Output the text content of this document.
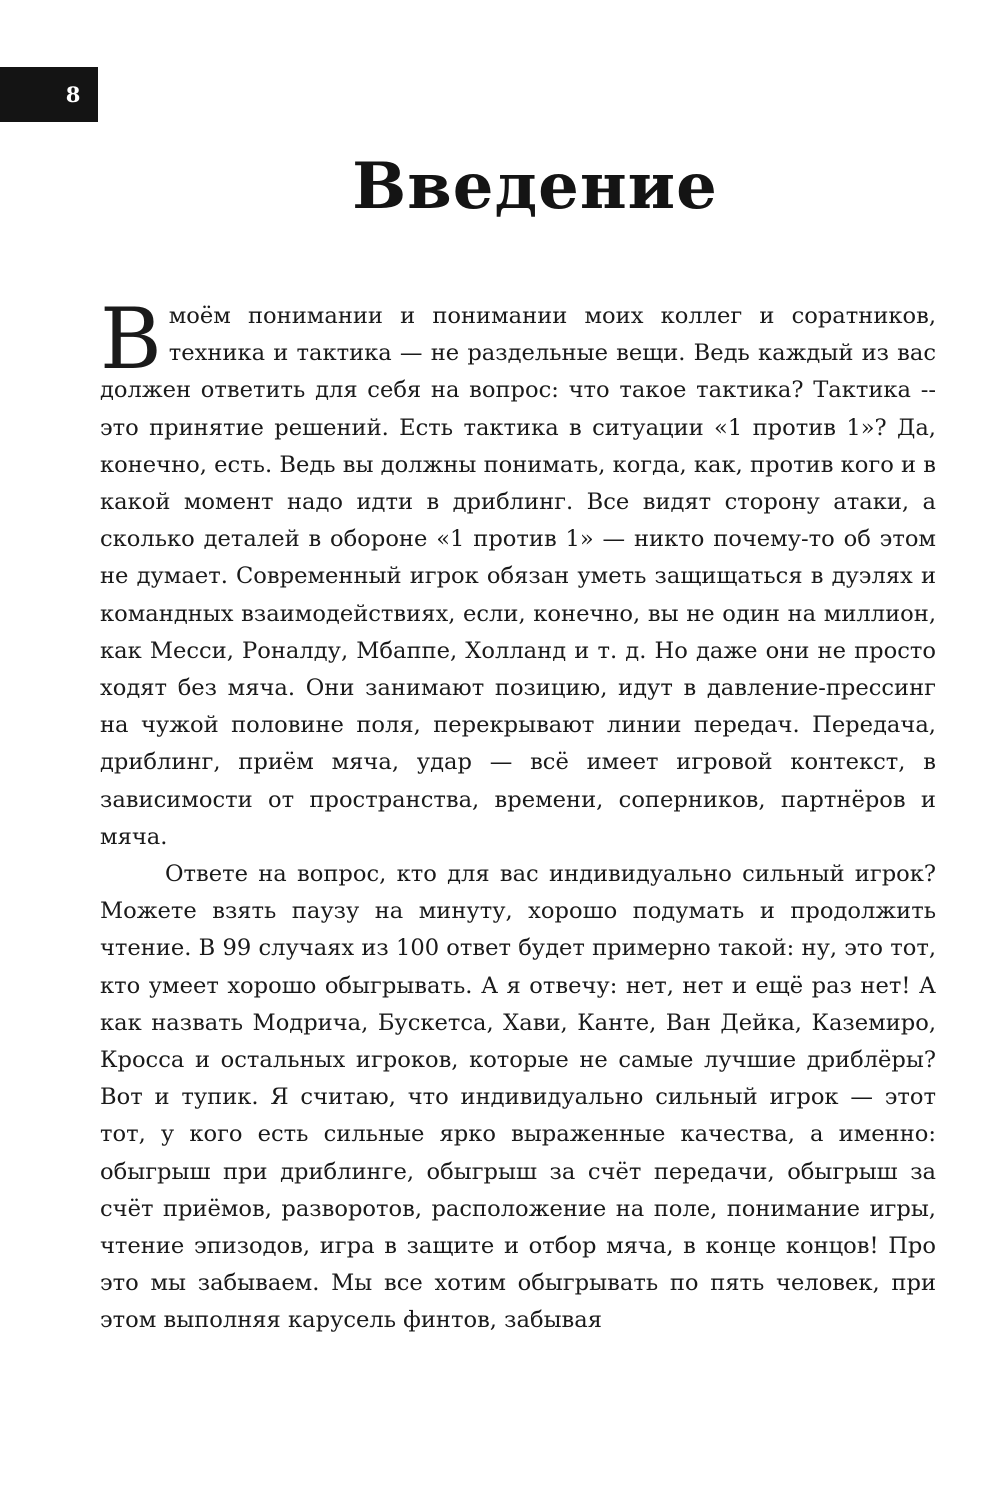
8
Введение

Вмоём понимании и понимании моих коллег и соратников, техника и тактика — не раздельные вещи. Ведь каждый из вас должен ответить для себя на вопрос: что такое тактика? Тактика -- это принятие решений. Есть тактика в ситуации «1 против 1»? Да, конечно, есть. Ведь вы должны понимать, когда, как, против кого и в какой момент надо идти в дриблинг. Все видят сторону атаки, а сколько деталей в обороне «1 против 1» — никто почему-то об этом не думает. Современный игрок обязан уметь защищаться в дуэлях и командных взаимодействиях, если, конечно, вы не один на миллион, как Месси, Роналду, Мбаппе, Холланд и т. д. Но даже они не просто ходят без мяча. Они занимают позицию, идут в давление-прессинг на чужой половине поля, перекрывают линии передач. Передача, дриблинг, приём мяча, удар — всё имеет игровой контекст, в зависимости от пространства, времени, соперников, партнёров и мяча.

Ответе на вопрос, кто для вас индивидуально сильный игрок? Можете взять паузу на минуту, хорошо подумать и продолжить чтение. В 99 случаях из 100 ответ будет примерно такой: ну, это тот, кто умеет хорошо обыгрывать. А я отвечу: нет, нет и ещё раз нет! А как назвать Модрича, Бускетса, Хави, Канте, Ван Дейка, Каземиро, Кросса и остальных игроков, которые не самые лучшие дриблёры? Вот и тупик. Я считаю, что индивидуально сильный игрок — этот тот, у кого есть сильные ярко выраженные качества, а именно: обыгрыш при дриблинге, обыгрыш за счёт передачи, обыгрыш за счёт приёмов, разворотов, расположение на поле, понимание игры, чтение эпизодов, игра в защите и отбор мяча, в конце концов! Про это мы забываем. Мы все хотим обыгрывать по пять человек, при этом выполняя карусель финтов, забывая
